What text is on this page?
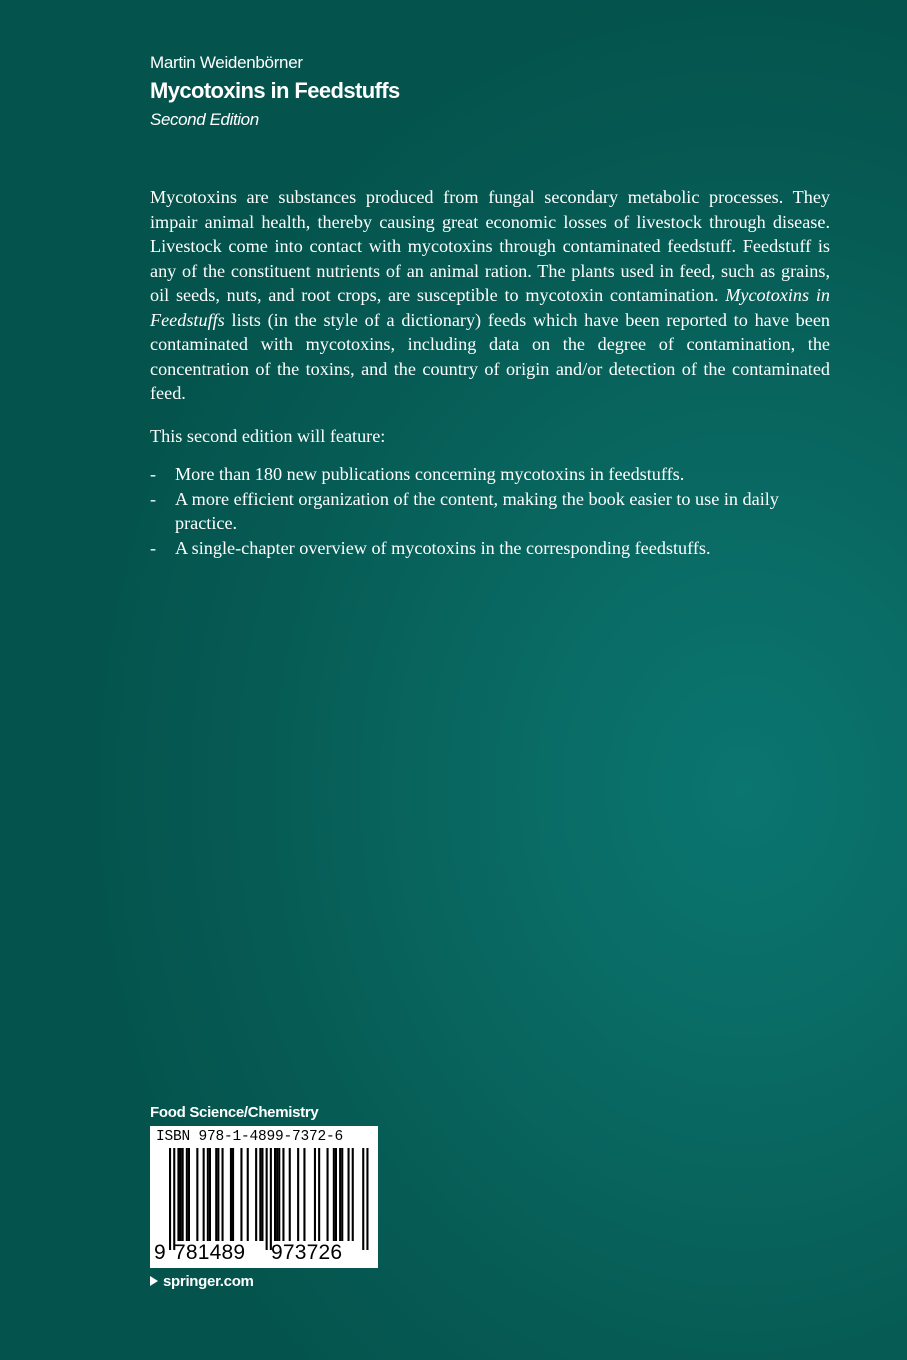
Martin Weidenbörner
Mycotoxins in Feedstuffs
Second Edition

Mycotoxins are substances produced from fungal secondary metabolic processes. They impair animal health, thereby causing great economic losses of livestock through disease. Livestock come into contact with mycotoxins through contaminated feedstuff. Feedstuff is any of the constituent nutrients of an animal ration. The plants used in feed, such as grains, oil seeds, nuts, and root crops, are susceptible to mycotoxin contamination. Mycotoxins in Feedstuffs lists (in the style of a dictionary) feeds which have been reported to have been contaminated with mycotoxins, including data on the degree of contamination, the concentration of the toxins, and the country of origin and/or detection of the contaminated feed.

This second edition will feature:

- More than 180 new publications concerning mycotoxins in feedstuffs.
- A more efficient organization of the content, making the book easier to use in daily practice.
- A single-chapter overview of mycotoxins in the corresponding feedstuffs.
Food Science/Chemistry
ISBN 978-1-4899-7372-6
9 781489 973726
springer.com
